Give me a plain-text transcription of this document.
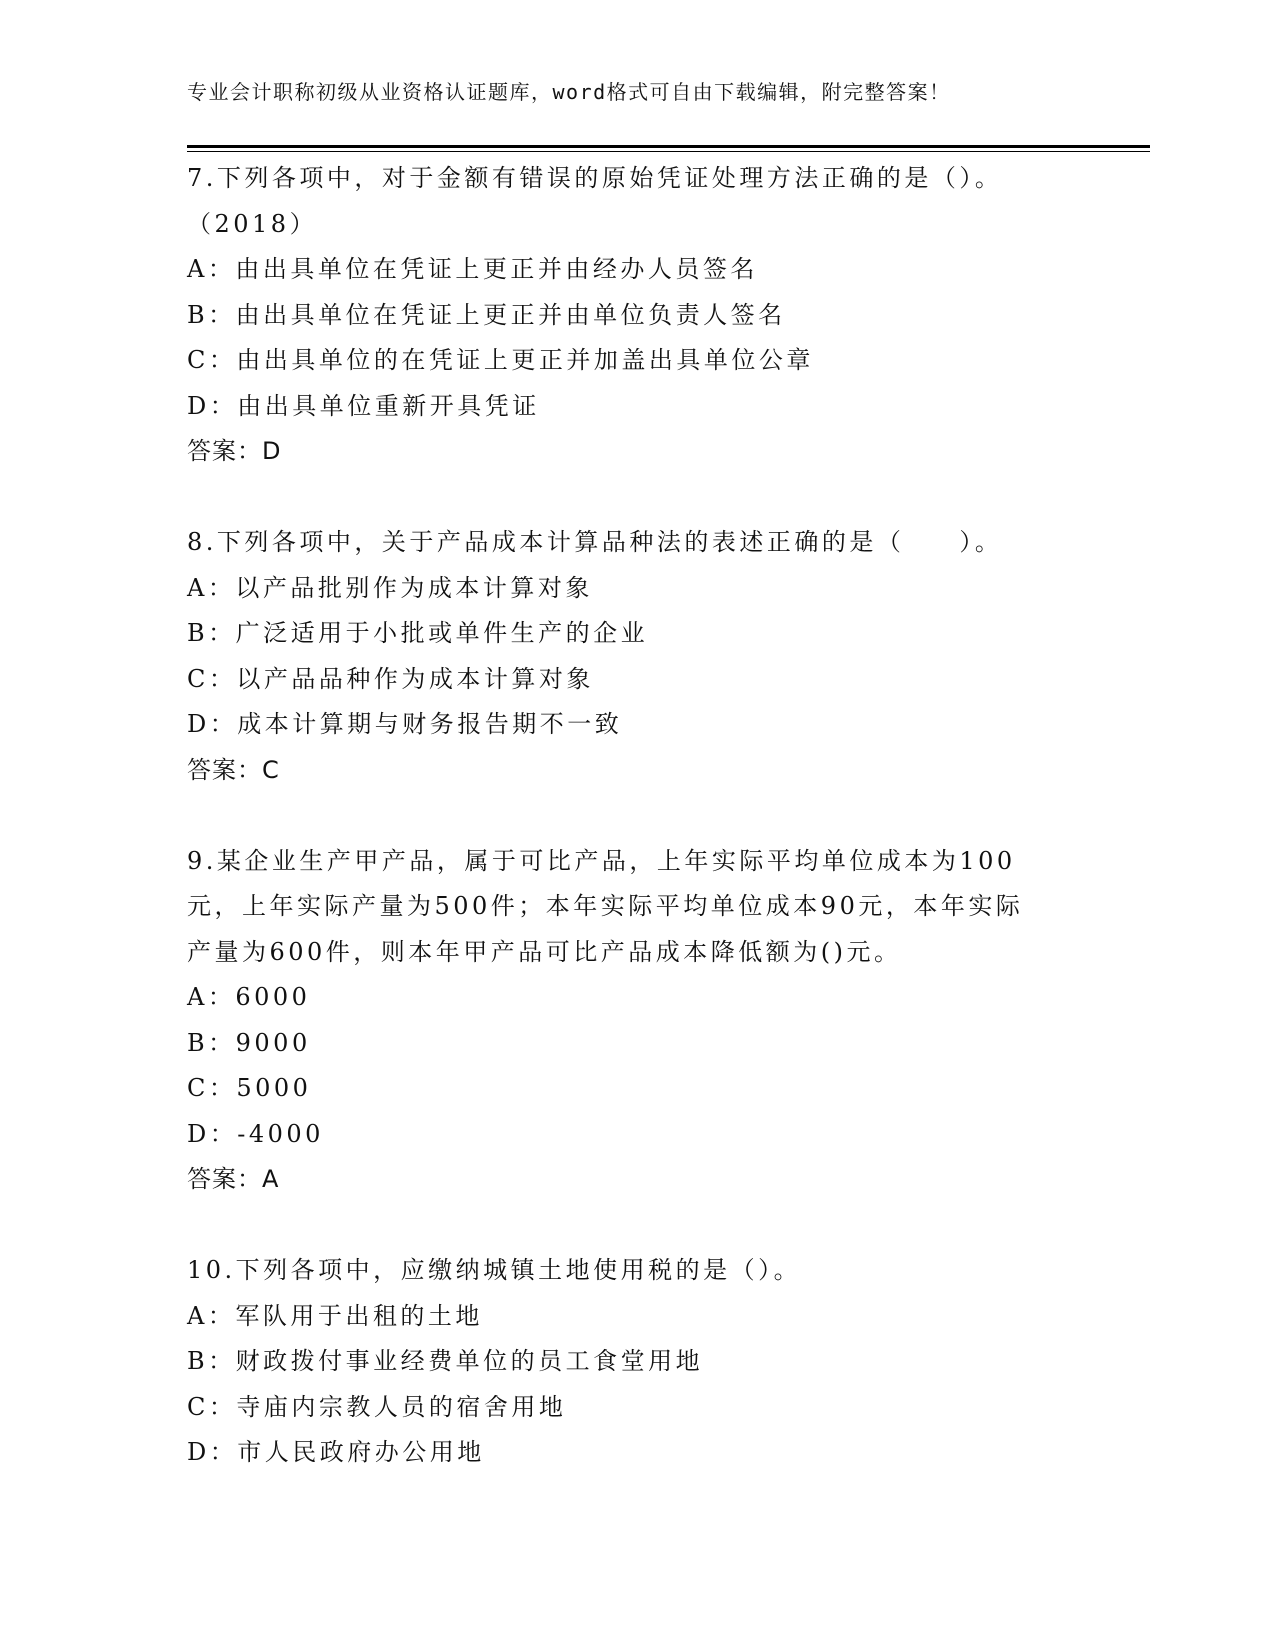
专业会计职称初级从业资格认证题库，word格式可自由下载编辑，附完整答案！
7.下列各项中，对于金额有错误的原始凭证处理方法正确的是（）。
（2018）
A：由出具单位在凭证上更正并由经办人员签名
B：由出具单位在凭证上更正并由单位负责人签名
C：由出具单位的在凭证上更正并加盖出具单位公章
D：由出具单位重新开具凭证
答案：D
8.下列各项中，关于产品成本计算品种法的表述正确的是（　　）。
A：以产品批别作为成本计算对象
B：广泛适用于小批或单件生产的企业
C：以产品品种作为成本计算对象
D：成本计算期与财务报告期不一致
答案：C
9.某企业生产甲产品，属于可比产品，上年实际平均单位成本为100
元，上年实际产量为500件；本年实际平均单位成本90元，本年实际
产量为600件，则本年甲产品可比产品成本降低额为()元。
A：6000
B：9000
C：5000
D：-4000
答案：A
10.下列各项中，应缴纳城镇土地使用税的是（）。
A：军队用于出租的土地
B：财政拨付事业经费单位的员工食堂用地
C：寺庙内宗教人员的宿舍用地
D：市人民政府办公用地
